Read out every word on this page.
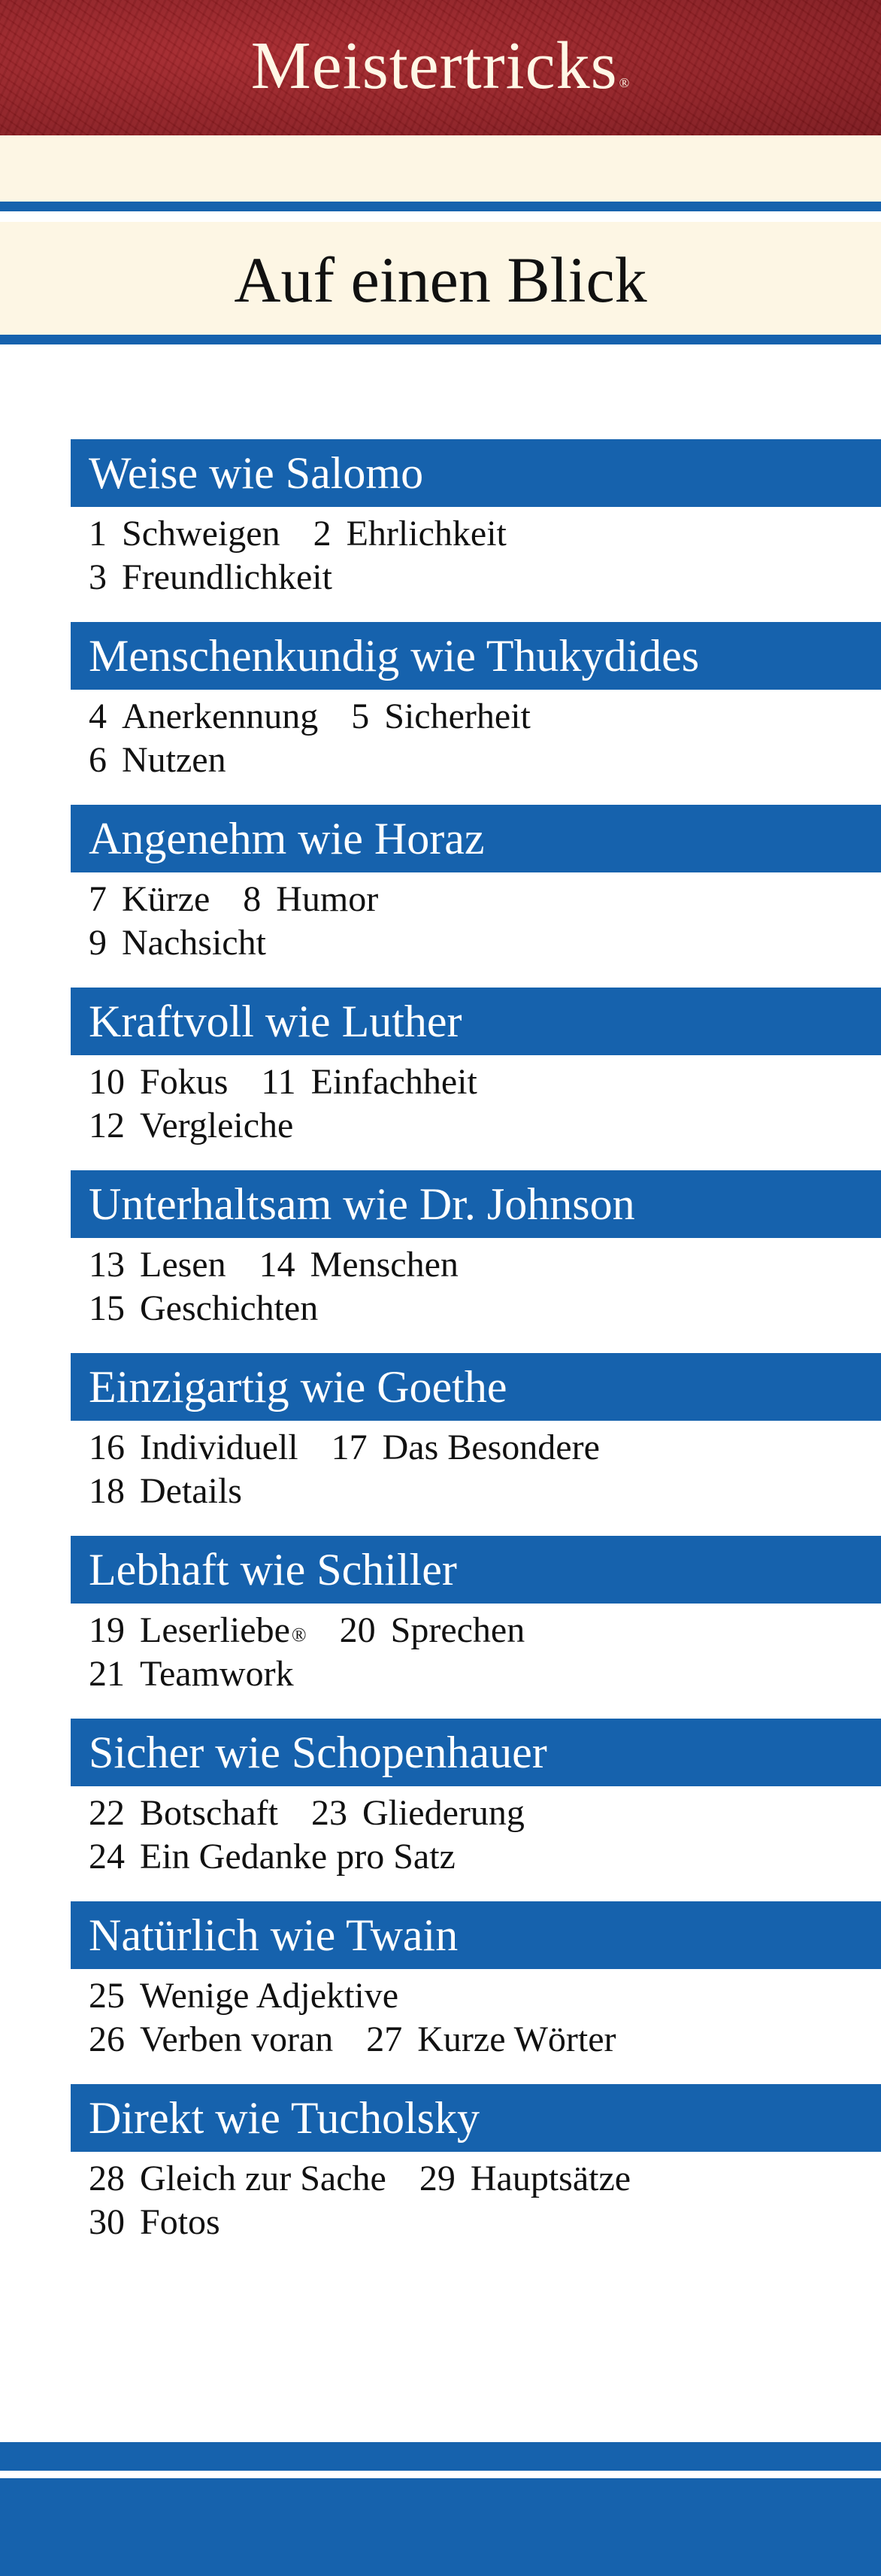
Meistertricks ®
Auf einen Blick
Weise wie Salomo
1 Schweigen 2 Ehrlichkeit
3 Freundlichkeit
Menschenkundig wie Thukydides
4 Anerkennung 5 Sicherheit
6 Nutzen
Angenehm wie Horaz
7 Kürze 8 Humor
9 Nachsicht
Kraftvoll wie Luther
10 Fokus 11 Einfachheit
12 Vergleiche
Unterhaltsam wie Dr. Johnson
13 Lesen 14 Menschen
15 Geschichten
Einzigartig wie Goethe
16 Individuell 17 Das Besondere
18 Details
Lebhaft wie Schiller
19 Leserliebe® 20 Sprechen
21 Teamwork
Sicher wie Schopenhauer
22 Botschaft 23 Gliederung
24 Ein Gedanke pro Satz
Natürlich wie Twain
25 Wenige Adjektive
26 Verben voran 27 Kurze Wörter
Direkt wie Tucholsky
28 Gleich zur Sache 29 Hauptsätze
30 Fotos
